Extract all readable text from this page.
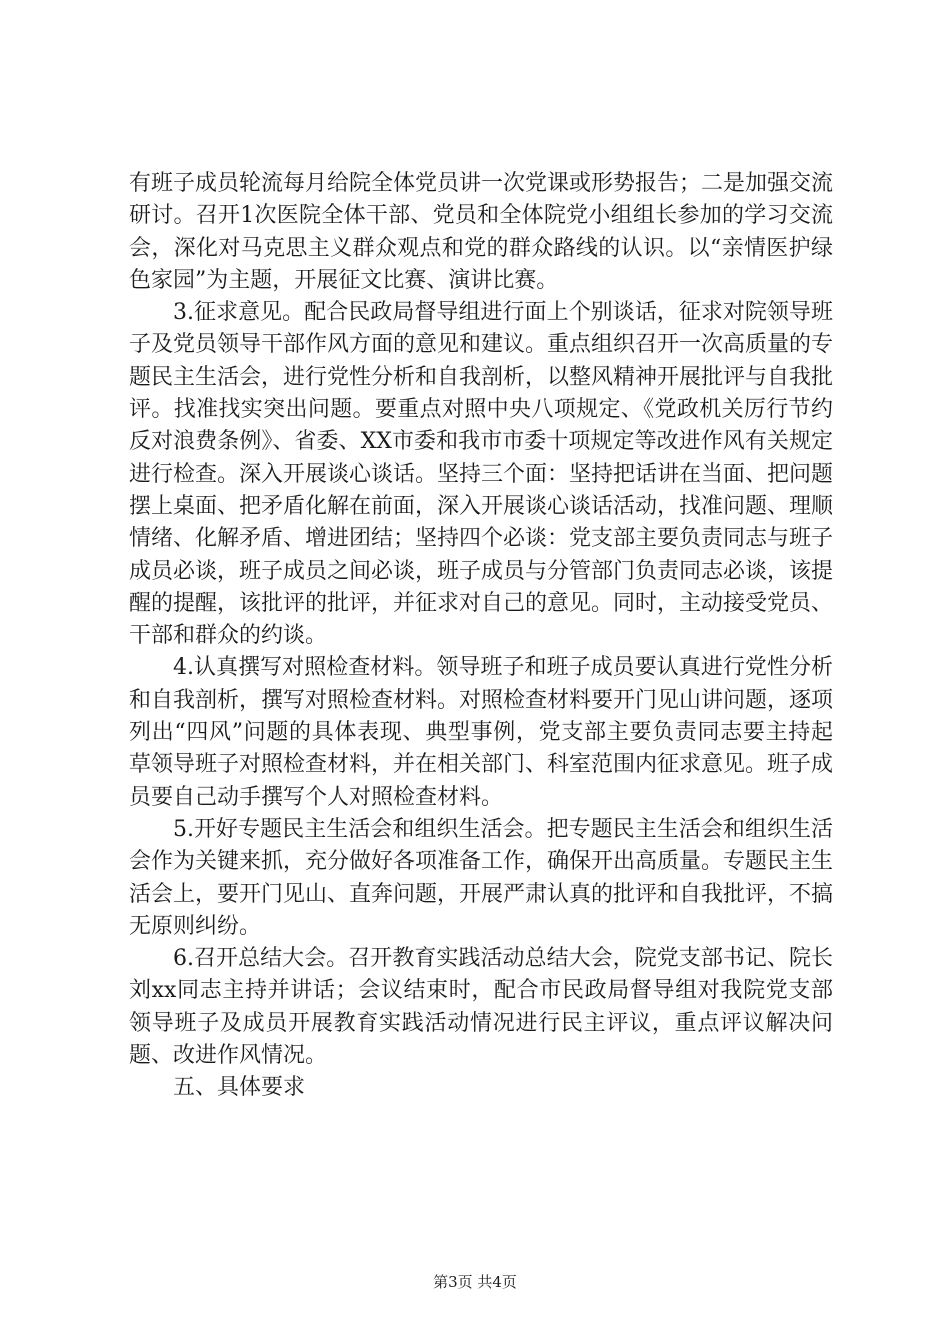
有班子成员轮流每月给院全体党员讲一次党课或形势报告；二是加强交流研讨。召开1次医院全体干部、党员和全体院党小组组长参加的学习交流会，深化对马克思主义群众观点和党的群众路线的认识。以“亲情医护绿色家园”为主题，开展征文比赛、演讲比赛。

3.征求意见。配合民政局督导组进行面上个别谈话，征求对院领导班子及党员领导干部作风方面的意见和建议。重点组织召开一次高质量的专题民主生活会，进行党性分析和自我剖析，以整风精神开展批评与自我批评。找准找实突出问题。要重点对照中央八项规定、《党政机关厉行节约反对浪费条例》、省委、XX市委和我市市委十项规定等改进作风有关规定进行检查。深入开展谈心谈话。坚持三个面：坚持把话讲在当面、把问题摆上桌面、把矛盾化解在前面，深入开展谈心谈话活动，找准问题、理顺情绪、化解矛盾、增进团结；坚持四个必谈：党支部主要负责同志与班子成员必谈，班子成员之间必谈，班子成员与分管部门负责同志必谈，该提醒的提醒，该批评的批评，并征求对自己的意见。同时，主动接受党员、干部和群众的约谈。

4.认真撰写对照检查材料。领导班子和班子成员要认真进行党性分析和自我剖析，撰写对照检查材料。对照检查材料要开门见山讲问题，逐项列出“四风”问题的具体表现、典型事例，党支部主要负责同志要主持起草领导班子对照检查材料，并在相关部门、科室范围内征求意见。班子成员要自己动手撰写个人对照检查材料。

5.开好专题民主生活会和组织生活会。把专题民主生活会和组织生活会作为关键来抓，充分做好各项准备工作，确保开出高质量。专题民主生活会上，要开门见山、直奔问题，开展严肃认真的批评和自我批评，不搞无原则纠纷。

6.召开总结大会。召开教育实践活动总结大会，院党支部书记、院长刘xx同志主持并讲话；会议结束时，配合市民政局督导组对我院党支部领导班子及成员开展教育实践活动情况进行民主评议，重点评议解决问题、改进作风情况。

五、具体要求

第3页 共4页
